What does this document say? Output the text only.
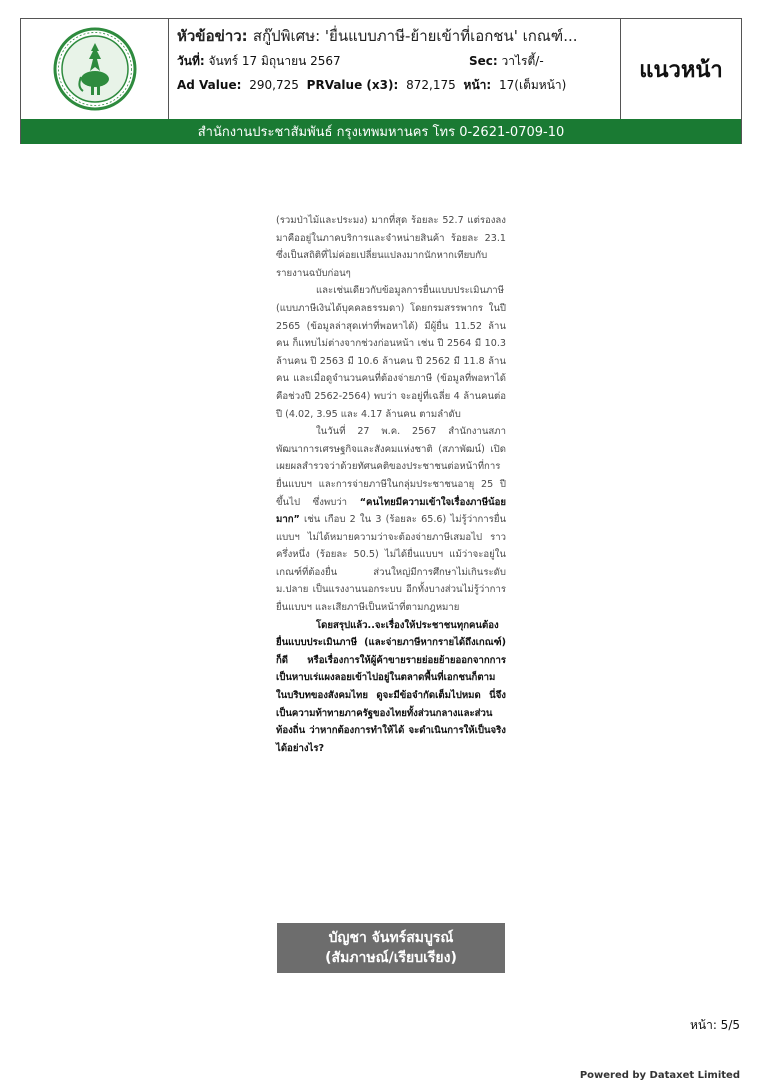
หัวข้อข่าว: สกู๊ปพิเศษ: 'ยื่นแบบภาษี-ย้ายเข้าที่เอกชน' เกณฑ์...
วันที่: จันทร์ 17 มิถุนายน 2567	Sec: วาไรตี้/-
Ad Value: 290,725 PRValue (x3): 872,175 หน้า: 17(เต็มหน้า)
แนวหน้า
สำนักงานประชาสัมพันธ์ กรุงเทพมหานคร โทร 0-2621-0709-10

(รวมป่าไม้และประมง) มากที่สุด ร้อยละ 52.7 แต่รองลงมาคืออยู่ในภาคบริการและจำหน่ายสินค้า ร้อยละ 23.1 ซึ่งเป็นสถิติที่ไม่ค่อยเปลี่ยนแปลงมากนักหากเทียบกับรายงานฉบับก่อนๆ

และเช่นเดียวกับข้อมูลการยื่นแบบประเมินภาษี (แบบภาษีเงินได้บุคคลธรรมดา) โดยกรมสรรพากร ในปี 2565 (ข้อมูลล่าสุดเท่าที่พอหาได้) มีผู้ยื่น 11.52 ล้านคน ก็แทบไม่ต่างจากช่วงก่อนหน้า เช่น ปี 2564 มี 10.3 ล้านคน ปี 2563 มี 10.6 ล้านคน ปี 2562 มี 11.8 ล้านคน และเมื่อดูจำนวนคนที่ต้องจ่ายภาษี (ข้อมูลที่พอหาได้คือช่วงปี 2562-2564) พบว่า จะอยู่ที่เฉลี่ย 4 ล้านคนต่อปี (4.02, 3.95 และ 4.17 ล้านคน ตามลำดับ

ในวันที่ 27 พ.ค. 2567 สำนักงานสภาพัฒนาการเศรษฐกิจและสังคมแห่งชาติ (สภาพัฒน์) เปิดเผยผลสำรวจว่าด้วยทัศนคติของประชาชนต่อหน้าที่การยื่นแบบฯ และการจ่ายภาษีในกลุ่มประชาชนอายุ 25 ปีขึ้นไป ซึ่งพบว่า “คนไทยมีความเข้าใจเรื่องภาษีน้อยมาก” เช่น เกือบ 2 ใน 3 (ร้อยละ 65.6) ไม่รู้ว่าการยื่นแบบฯ ไม่ได้หมายความว่าจะต้องจ่ายภาษีเสมอไป ราวครึ่งหนึ่ง (ร้อยละ 50.5) ไม่ได้ยื่นแบบฯ แม้ว่าจะอยู่ในเกณฑ์ที่ต้องยื่น ส่วนใหญ่มีการศึกษาไม่เกินระดับ ม.ปลาย เป็นแรงงานนอกระบบ อีกทั้งบางส่วนไม่รู้ว่าการยื่นแบบฯ และเสียภาษีเป็นหน้าที่ตามกฎหมาย

โดยสรุปแล้ว..จะเรื่องให้ประชาชนทุกคนต้องยื่นแบบประเมินภาษี (และจ่ายภาษีหากรายได้ถึงเกณฑ์) ก็ดี หรือเรื่องการให้ผู้ค้าขายรายย่อยย้ายออกจากการเป็นหาบเร่แผงลอยเข้าไปอยู่ในตลาดพื้นที่เอกชนก็ตาม ในบริบทของสังคมไทย ดูจะมีข้อจำกัดเต็มไปหมด นี่จึงเป็นความท้าทายภาครัฐของไทยทั้งส่วนกลางและส่วนท้องถิ่น ว่าหากต้องการทำให้ได้ จะดำเนินการให้เป็นจริงได้อย่างไร?

บัญชา จันทร์สมบูรณ์
(สัมภาษณ์/เรียบเรียง)
หน้า: 5/5
Powered by Dataxet Limited
